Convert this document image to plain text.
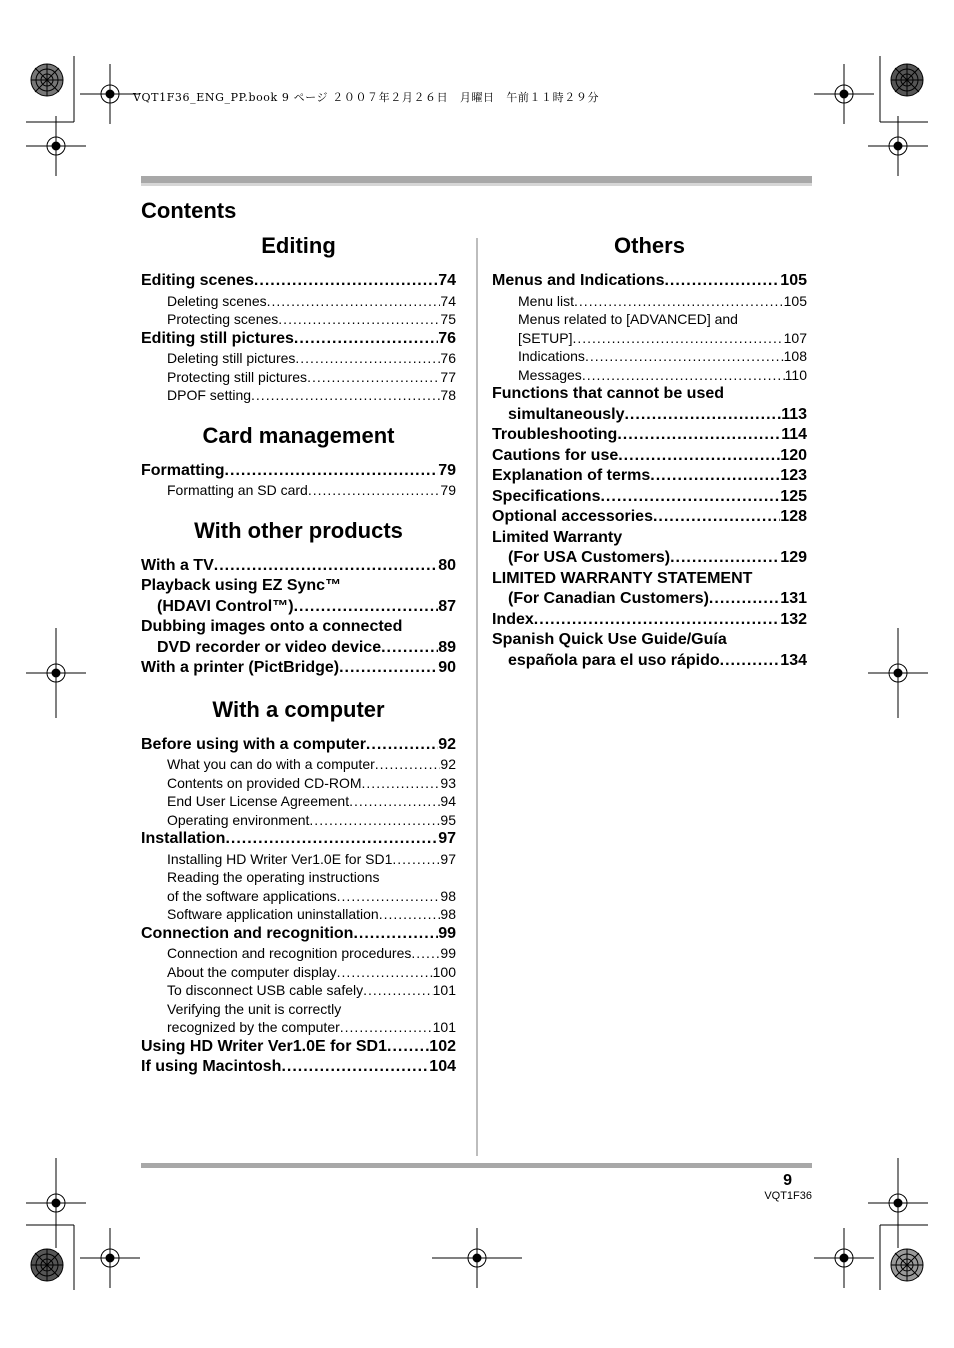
VQT1F36_ENG_PP.book 9 ページ ２００７年２月２６日　月曜日　午前１１時２９分
Contents
Editing
Editing scenes .....	74
Deleting scenes .....	74
Protecting scenes .....	75
Editing still pictures .....	76
Deleting still pictures .....	76
Protecting still pictures .....	77
DPOF setting .....	78
Card management
Formatting .....	79
Formatting an SD card .....	79
With other products
With a TV .....	80
Playback using EZ Sync™
(HDAVI Control™) .....	87
Dubbing images onto a connected
DVD recorder or video device .....	89
With a printer (PictBridge) .....	90
With a computer
Before using with a computer .....	92
What you can do with a computer .....	92
Contents on provided CD-ROM .....	93
End User License Agreement .....	94
Operating environment .....	95
Installation .....	97
Installing HD Writer Ver1.0E for SD1 .....	97
Reading the operating instructions
of the software applications .....	98
Software application uninstallation .....	98
Connection and recognition .....	99
Connection and recognition procedures ..... 99
About the computer display .....	100
To disconnect USB cable safely .....	101
Verifying the unit is correctly
recognized by the computer .....	101
Using HD Writer Ver1.0E for SD1 .....	102
If using Macintosh .....	104
Others
Menus and Indications .....	105
Menu list .....	105
Menus related to [ADVANCED] and
[SETUP] .....	107
Indications .....	108
Messages .....	110
Functions that cannot be used
simultaneously .....	113
Troubleshooting .....	114
Cautions for use .....	120
Explanation of terms .....	123
Specifications .....	125
Optional accessories .....	128
Limited Warranty
(For USA Customers) .....	129
LIMITED WARRANTY STATEMENT
(For Canadian Customers) .....	131
Index .....	132
Spanish Quick Use Guide/Guía
española para el uso rápido .....	134
9
VQT1F36
